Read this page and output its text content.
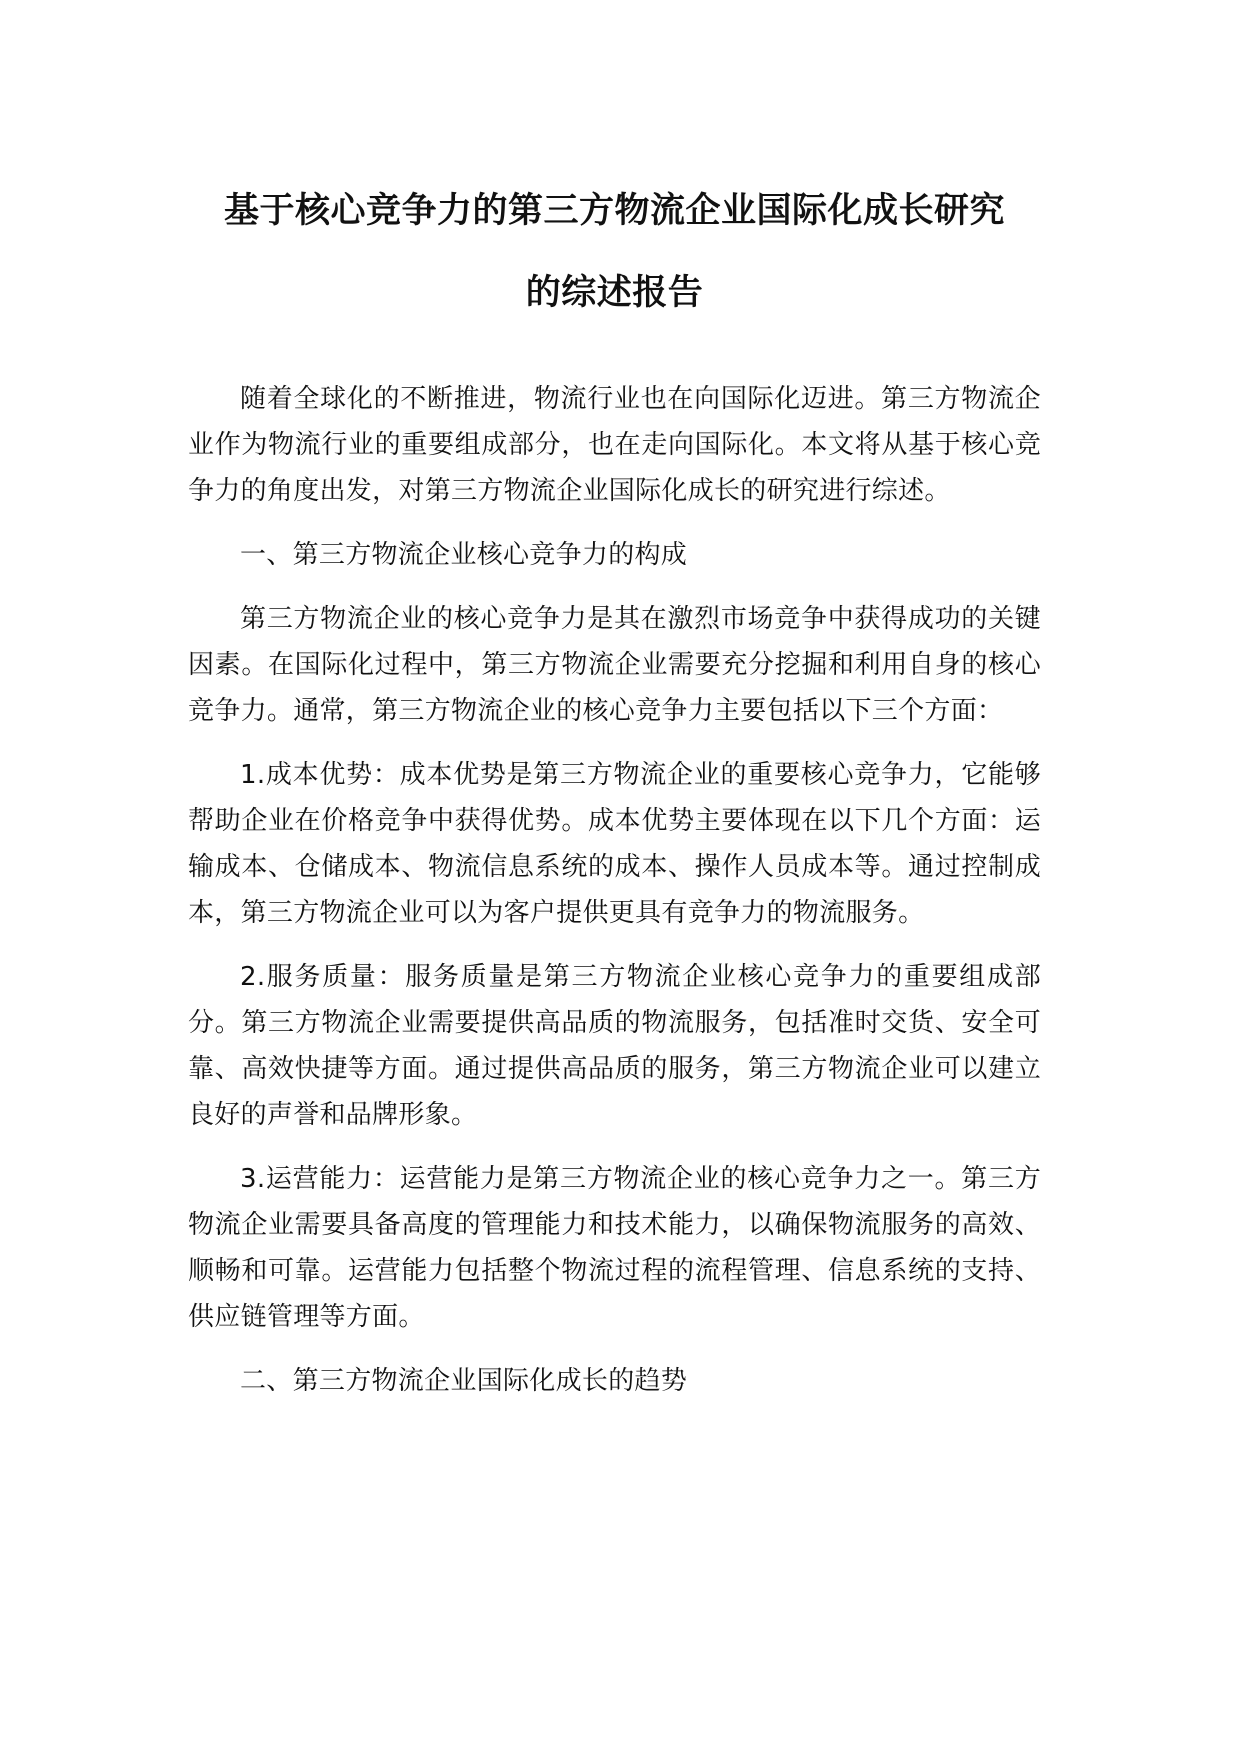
基于核心竞争力的第三方物流企业国际化成长研究
的综述报告

随着全球化的不断推进，物流行业也在向国际化迈进。第三方物流企业作为物流行业的重要组成部分，也在走向国际化。本文将从基于核心竞争力的角度出发，对第三方物流企业国际化成长的研究进行综述。

一、第三方物流企业核心竞争力的构成

第三方物流企业的核心竞争力是其在激烈市场竞争中获得成功的关键因素。在国际化过程中，第三方物流企业需要充分挖掘和利用自身的核心竞争力。通常，第三方物流企业的核心竞争力主要包括以下三个方面：

1.成本优势：成本优势是第三方物流企业的重要核心竞争力，它能够帮助企业在价格竞争中获得优势。成本优势主要体现在以下几个方面：运输成本、仓储成本、物流信息系统的成本、操作人员成本等。通过控制成本，第三方物流企业可以为客户提供更具有竞争力的物流服务。

2.服务质量：服务质量是第三方物流企业核心竞争力的重要组成部分。第三方物流企业需要提供高品质的物流服务，包括准时交货、安全可靠、高效快捷等方面。通过提供高品质的服务，第三方物流企业可以建立良好的声誉和品牌形象。

3.运营能力：运营能力是第三方物流企业的核心竞争力之一。第三方物流企业需要具备高度的管理能力和技术能力，以确保物流服务的高效、顺畅和可靠。运营能力包括整个物流过程的流程管理、信息系统的支持、供应链管理等方面。

二、第三方物流企业国际化成长的趋势
